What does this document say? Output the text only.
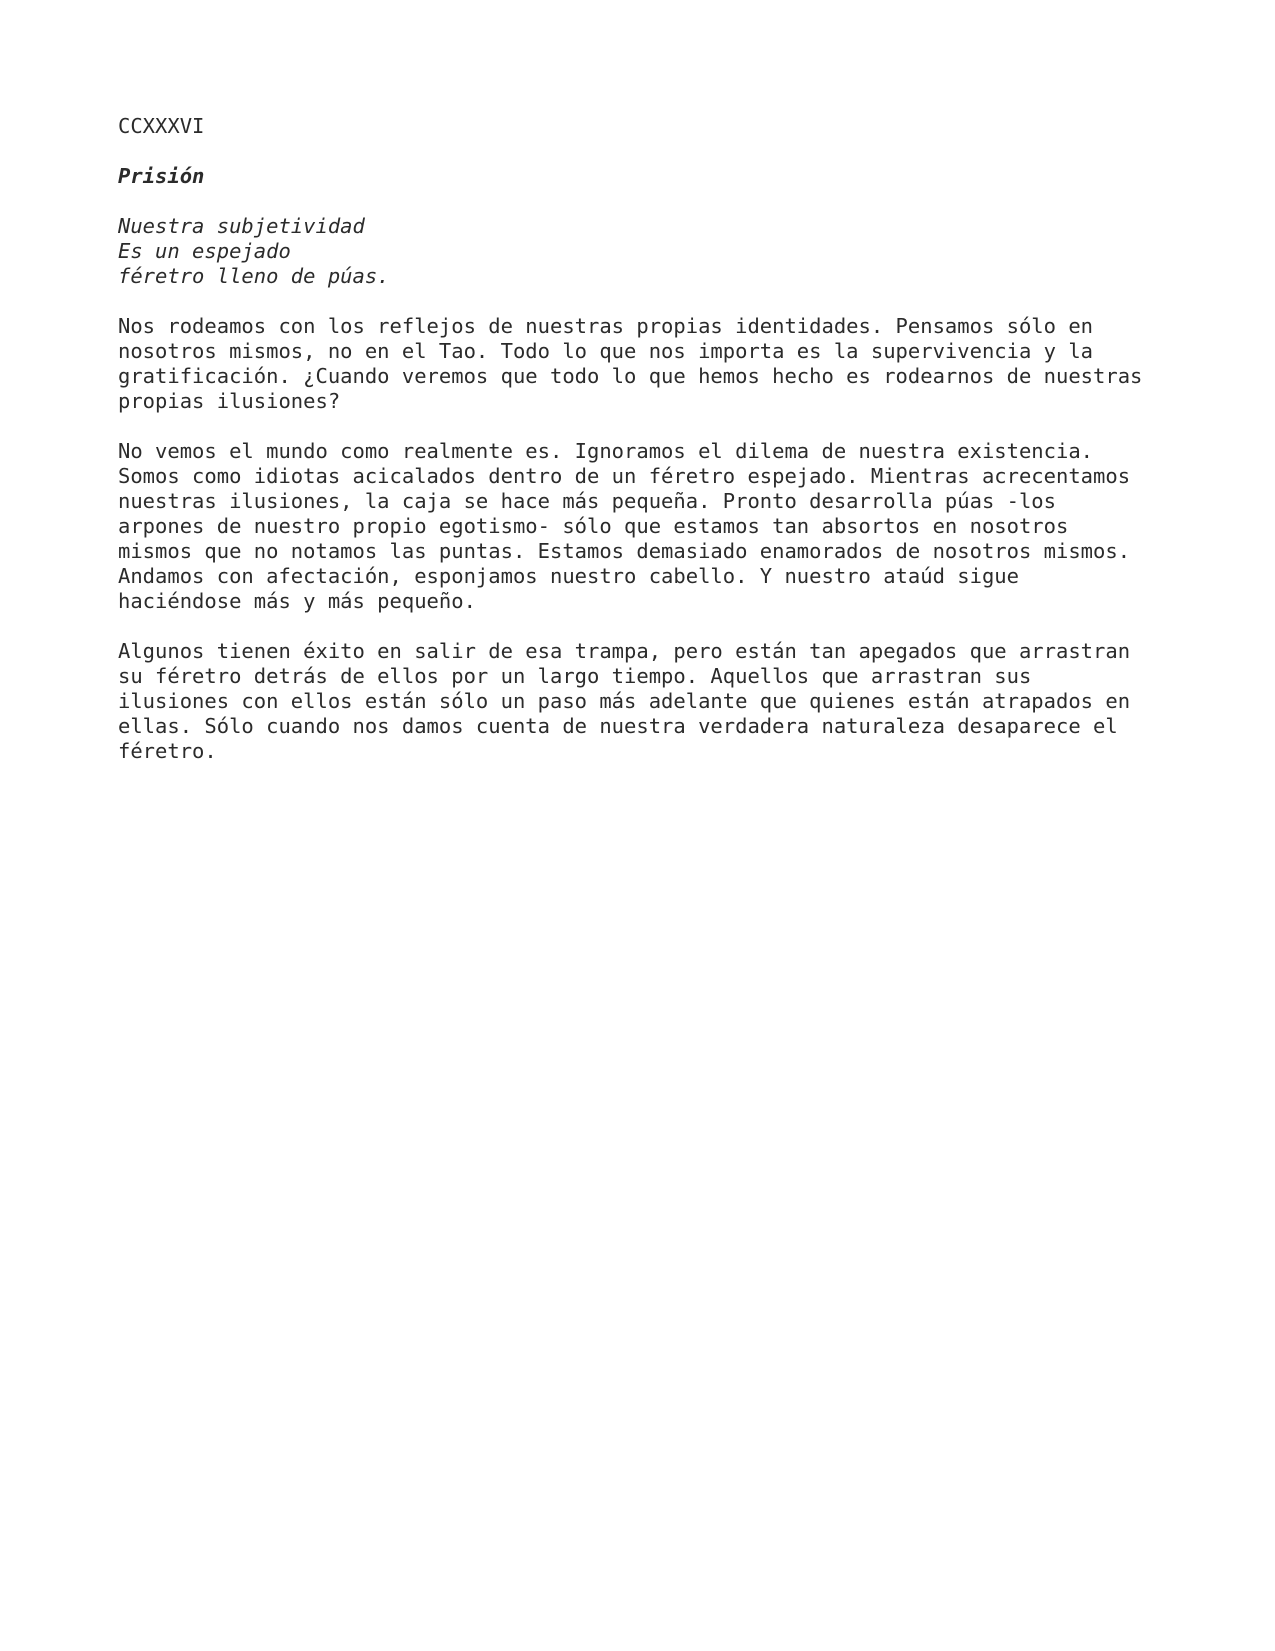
CCXXXVI
Prisión
Nuestra subjetividad
Es un espejado
féretro lleno de púas.
Nos rodeamos con los reflejos de nuestras propias identidades. Pensamos sólo en
nosotros mismos, no en el Tao. Todo lo que nos importa es la supervivencia y la
gratificación. ¿Cuando veremos que todo lo que hemos hecho es rodearnos de nuestras
propias ilusiones?
No vemos el mundo como realmente es. Ignoramos el dilema de nuestra existencia.
Somos como idiotas acicalados dentro de un féretro espejado. Mientras acrecentamos
nuestras ilusiones, la caja se hace más pequeña. Pronto desarrolla púas -los
arpones de nuestro propio egotismo- sólo que estamos tan absortos en nosotros
mismos que no notamos las puntas. Estamos demasiado enamorados de nosotros mismos.
Andamos con afectación, esponjamos nuestro cabello. Y nuestro ataúd sigue
haciéndose más y más pequeño.
Algunos tienen éxito en salir de esa trampa, pero están tan apegados que arrastran
su féretro detrás de ellos por un largo tiempo. Aquellos que arrastran sus
ilusiones con ellos están sólo un paso más adelante que quienes están atrapados en
ellas. Sólo cuando nos damos cuenta de nuestra verdadera naturaleza desaparece el
féretro.
